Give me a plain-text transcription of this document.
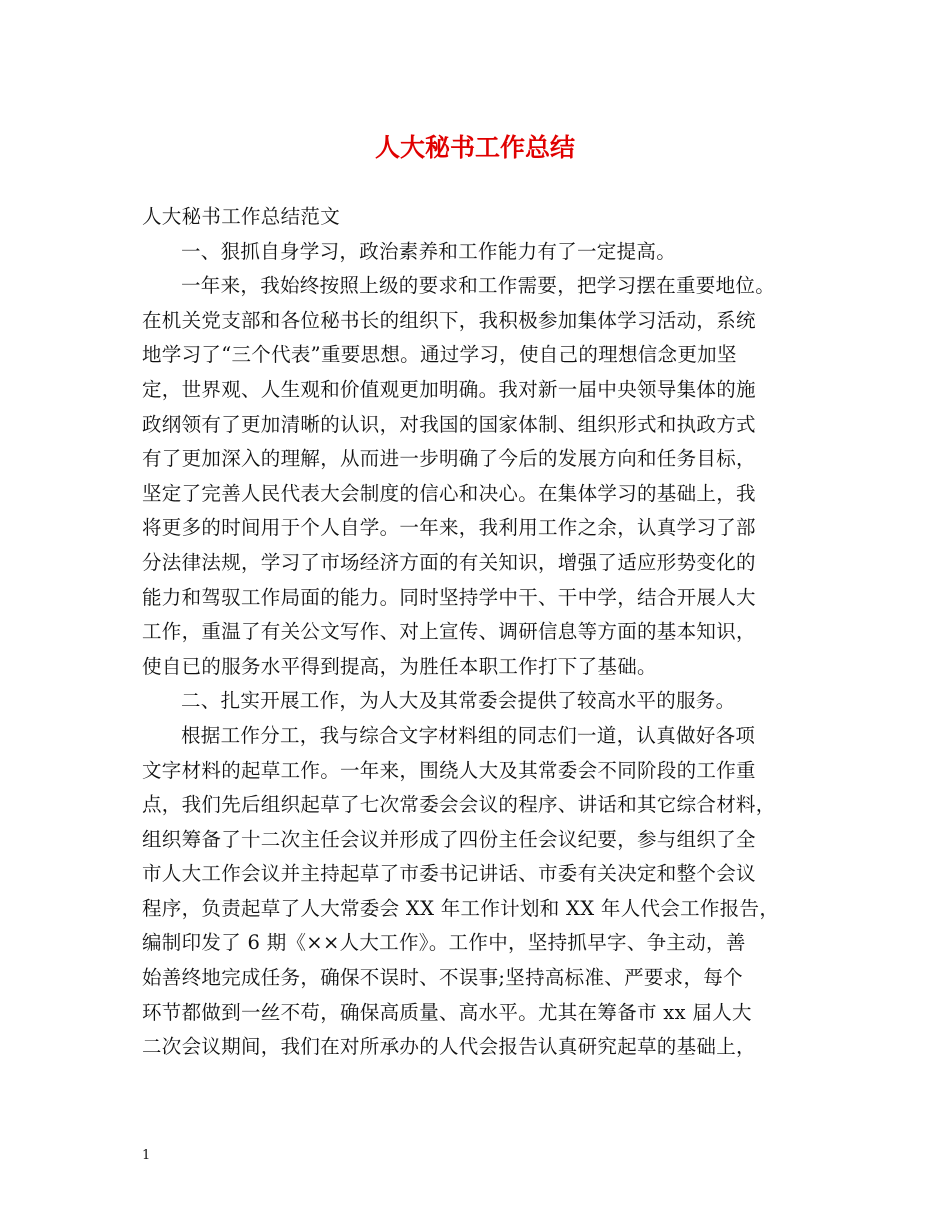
人大秘书工作总结
人大秘书工作总结范文
一、狠抓自身学习，政治素养和工作能力有了一定提高。
一年来，我始终按照上级的要求和工作需要，把学习摆在重要地位。
在机关党支部和各位秘书长的组织下，我积极参加集体学习活动，系统
地学习了“三个代表”重要思想。通过学习，使自己的理想信念更加坚
定，世界观、人生观和价值观更加明确。我对新一届中央领导集体的施
政纲领有了更加清晰的认识，对我国的国家体制、组织形式和执政方式
有了更加深入的理解，从而进一步明确了今后的发展方向和任务目标，
坚定了完善人民代表大会制度的信心和决心。在集体学习的基础上，我
将更多的时间用于个人自学。一年来，我利用工作之余，认真学习了部
分法律法规，学习了市场经济方面的有关知识，增强了适应形势变化的
能力和驾驭工作局面的能力。同时坚持学中干、干中学，结合开展人大
工作，重温了有关公文写作、对上宣传、调研信息等方面的基本知识，
使自已的服务水平得到提高，为胜任本职工作打下了基础。
二、扎实开展工作，为人大及其常委会提供了较高水平的服务。
根据工作分工，我与综合文字材料组的同志们一道，认真做好各项
文字材料的起草工作。一年来，围绕人大及其常委会不同阶段的工作重
点，我们先后组织起草了七次常委会会议的程序、讲话和其它综合材料，
组织筹备了十二次主任会议并形成了四份主任会议纪要，参与组织了全
市人大工作会议并主持起草了市委书记讲话、市委有关决定和整个会议
程序，负责起草了人大常委会 XX 年工作计划和 XX 年人代会工作报告，
编制印发了 6 期《××人大工作》。工作中，坚持抓早字、争主动，善
始善终地完成任务，确保不误时、不误事;坚持高标准、严要求，每个
环节都做到一丝不苟，确保高质量、高水平。尤其在筹备市 xx 届人大
二次会议期间，我们在对所承办的人代会报告认真研究起草的基础上，
1
